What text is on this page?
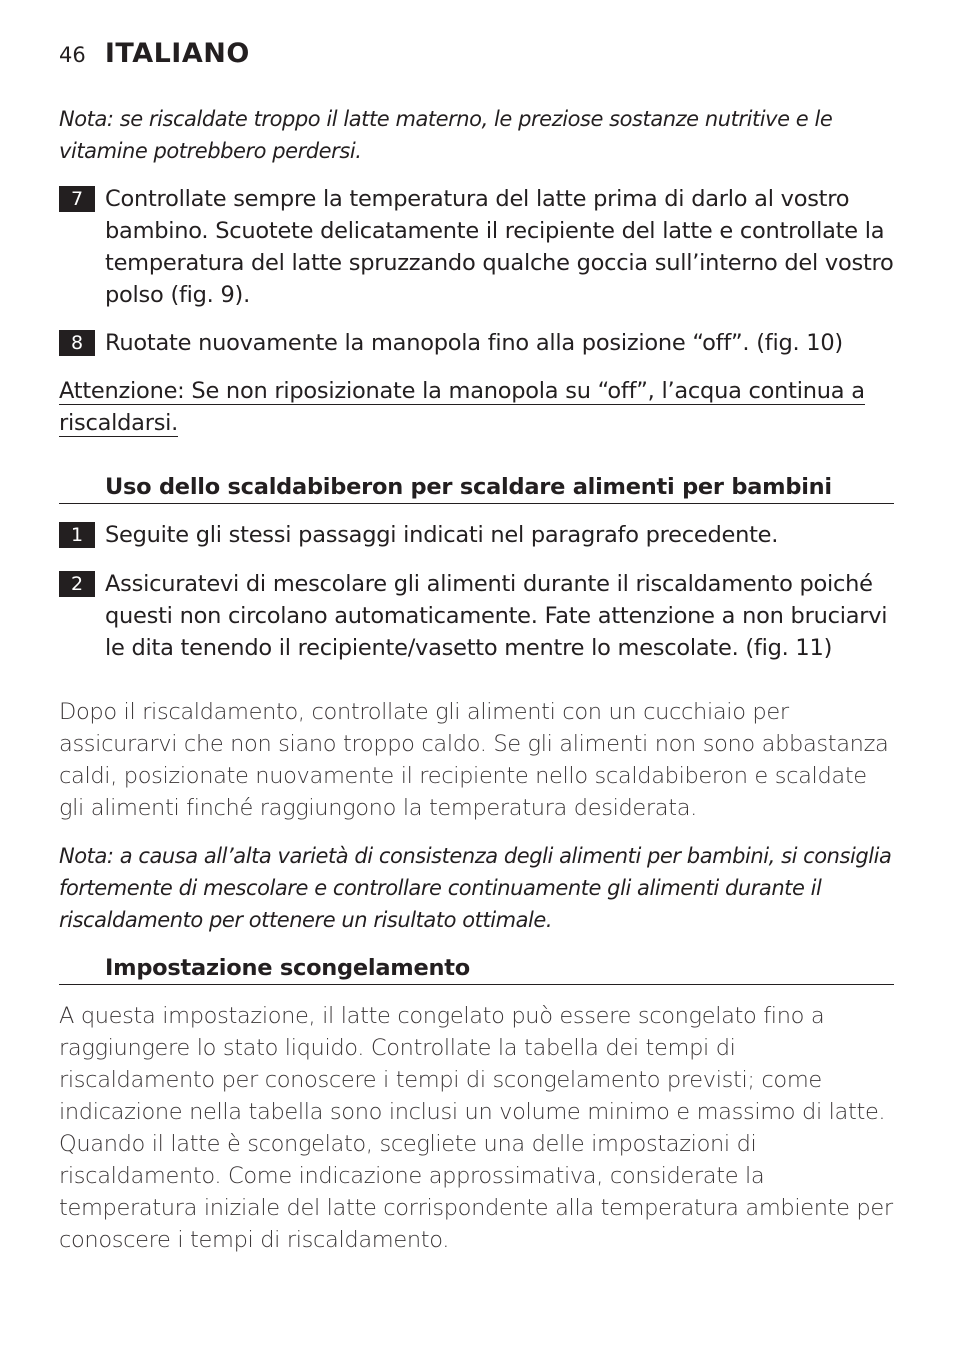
46 ITALIANO
Nota: se riscaldate troppo il latte materno, le preziose sostanze nutritive e le vitamine potrebbero perdersi.
7 Controllate sempre la temperatura del latte prima di darlo al vostro bambino. Scuotete delicatamente il recipiente del latte e controllate la temperatura del latte spruzzando qualche goccia sull’interno del vostro polso (fig. 9).
8 Ruotate nuovamente la manopola fino alla posizione “off”. (fig. 10)
Attenzione: Se non riposizionate la manopola su “off”, l’acqua continua a riscaldarsi.
Uso dello scaldabiberon per scaldare alimenti per bambini
1 Seguite gli stessi passaggi indicati nel paragrafo precedente.
2 Assicuratevi di mescolare gli alimenti durante il riscaldamento poiché questi non circolano automaticamente. Fate attenzione a non bruciarvi le dita tenendo il recipiente/vasetto mentre lo mescolate. (fig. 11)
Dopo il riscaldamento, controllate gli alimenti con un cucchiaio per assicurarvi che non siano troppo caldo. Se gli alimenti non sono abbastanza caldi, posizionate nuovamente il recipiente nello scaldabiberon e scaldate gli alimenti finché raggiungono la temperatura desiderata.
Nota: a causa all’alta varietà di consistenza degli alimenti per bambini, si consiglia fortemente di mescolare e controllare continuamente gli alimenti durante il riscaldamento per ottenere un risultato ottimale.
Impostazione scongelamento
A questa impostazione, il latte congelato può essere scongelato fino a raggiungere lo stato liquido. Controllate la tabella dei tempi di riscaldamento per conoscere i tempi di scongelamento previsti; come indicazione nella tabella sono inclusi un volume minimo e massimo di latte. Quando il latte è scongelato, scegliete una delle impostazioni di riscaldamento. Come indicazione approssimativa, considerate la temperatura iniziale del latte corrispondente alla temperatura ambiente per conoscere i tempi di riscaldamento.
